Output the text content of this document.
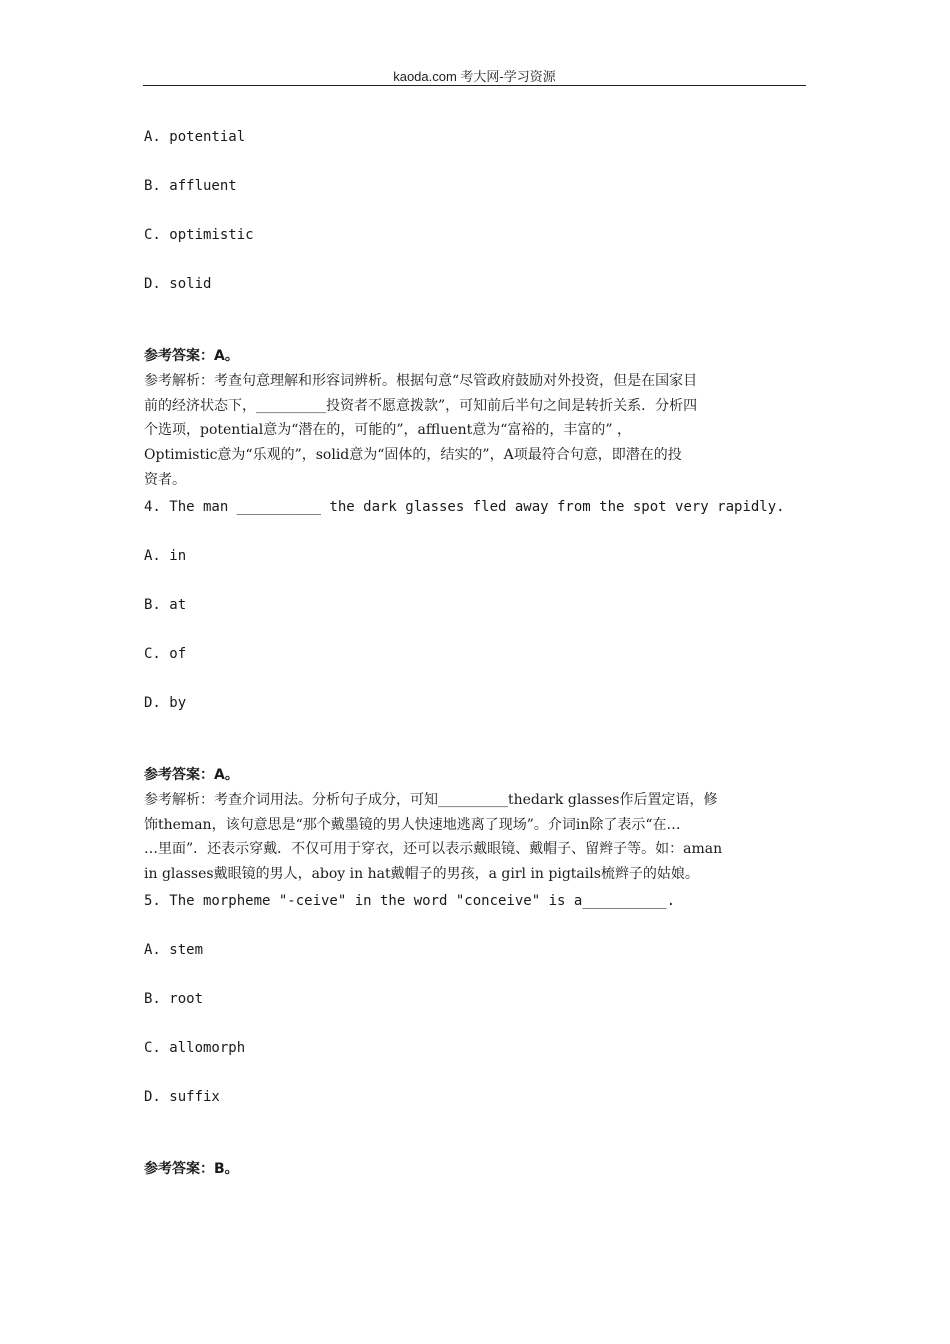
kaoda.com 考大网-学习资源
A. potential
B. affluent
C. optimistic
D. solid
参考答案：A。
参考解析：考查句意理解和形容词辨析。根据句意“尽管政府鼓励对外投资，但是在国家目
前的经济状态下，__________投资者不愿意拨款”，可知前后半句之间是转折关系．分析四
个选项，potential意为“潜在的，可能的”，affluent意为“富裕的，丰富的” ，
Optimistic意为“乐观的”，solid意为“固体的，结实的”，A项最符合句意，即潜在的投
资者。
4. The man __________ the dark glasses fled away from the spot very rapidly.
A. in
B. at
C. of
D. by
参考答案：A。
参考解析：考查介词用法。分析句子成分，可知__________thedark glasses作后置定语，修
饰theman，该句意思是“那个戴墨镜的男人快速地逃离了现场”。介词in除了表示“在…
…里面”．还表示穿戴．不仅可用于穿衣，还可以表示戴眼镜、戴帽子、留辫子等。如：aman
in glasses戴眼镜的男人，aboy in hat戴帽子的男孩，a girl in pigtails梳辫子的姑娘。
5. The morpheme "-ceive" in the word "conceive" is a__________.
A. stem
B. root
C. allomorph
D. suffix
参考答案：B。
